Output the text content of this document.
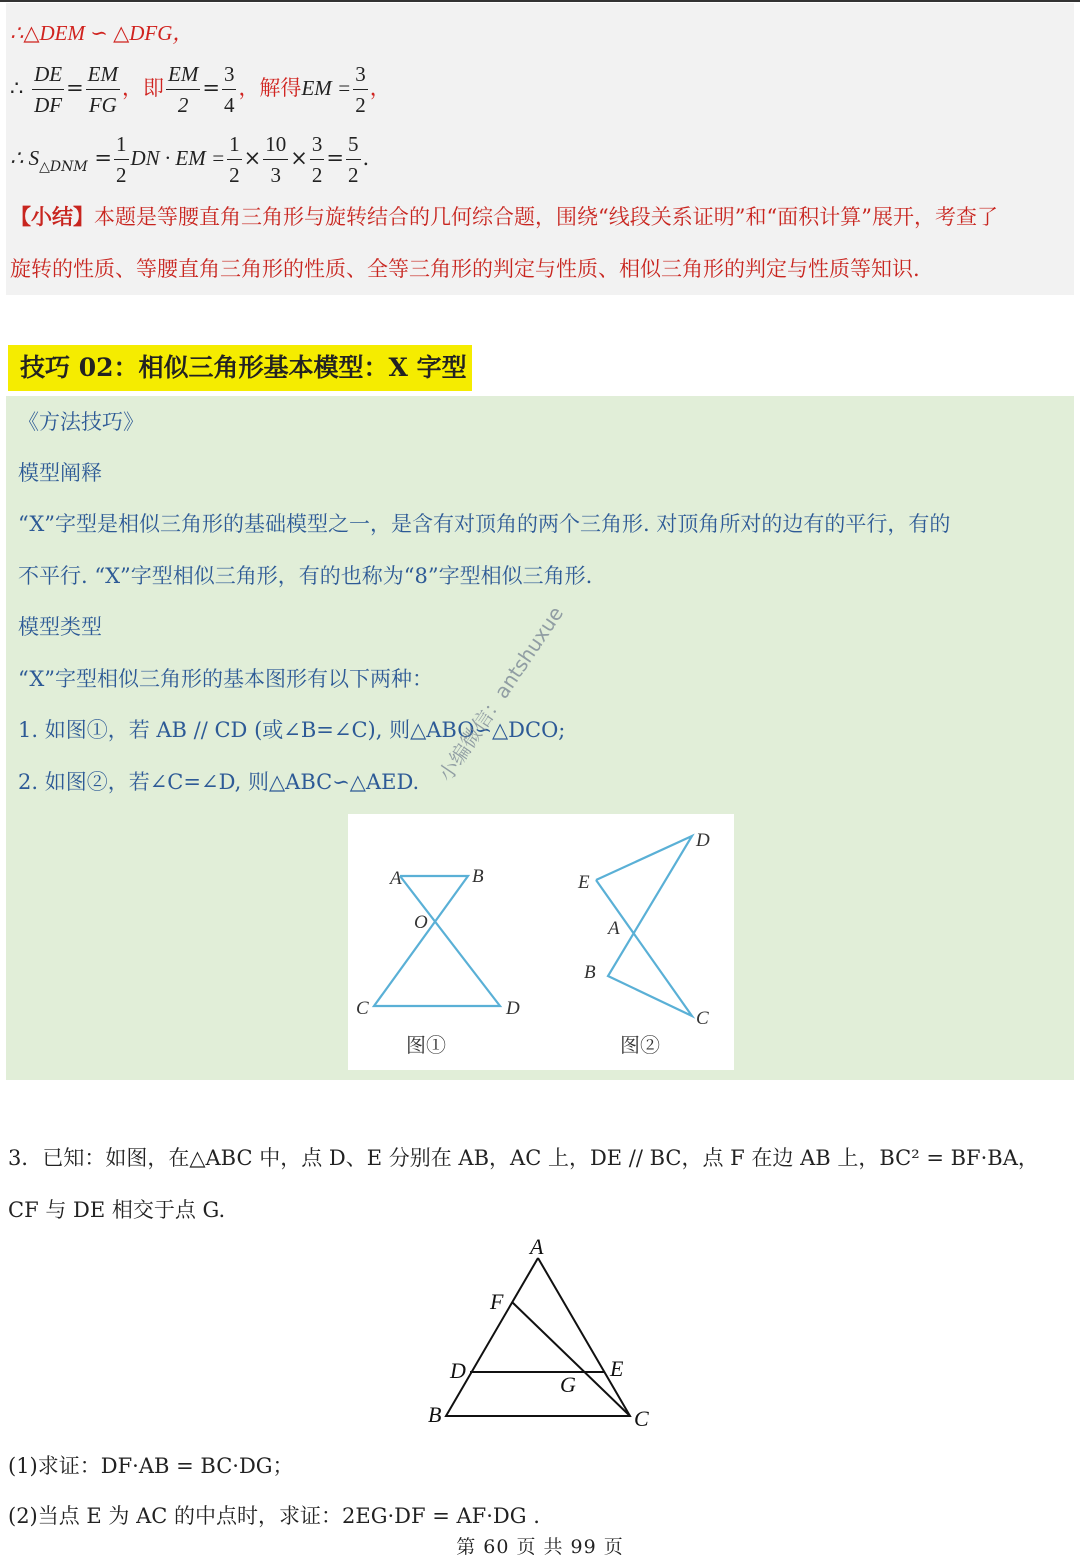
∴△DEM ∽ △DFG，
∴ $\frac{DE}{DF} = \frac{EM}{FG}$ ，即 $\frac{EM}{2} = \frac{3}{4}$ ，解得EM = $\frac{3}{2}$ ，
∴ $S_{\triangle DNM} = \frac{1}{2}$ DN · EM = $\frac{1}{2} \times \frac{10}{3} \times \frac{3}{2} = \frac{5}{2}$ .
【小结】本题是等腰直角三角形与旋转结合的几何综合题，围绕“线段关系证明”和“面积计算”展开，考查了
旋转的性质、等腰直角三角形的性质、全等三角形的判定与性质、相似三角形的判定与性质等知识.
技巧 02：相似三角形基本模型：X 字型
《方法技巧》
模型阐释
“X”字型是相似三角形的基础模型之一，是含有对顶角的两个三角形. 对顶角所对的边有的平行，有的
不平行. “X”字型相似三角形，有的也称为“8”字型相似三角形.
模型类型
“X”字型相似三角形的基本图形有以下两种：
1. 如图①，若 AB // CD (或∠B=∠C), 则△ABO∽△DCO;
2. 如图②，若∠C=∠D, 则△ABC∽△AED.
A	B
O
C	D
D
E
A
B
C
图①	图②
小编微信：antshuxue
3．已知：如图，在△ABC 中，点 D、E 分别在 AB，AC 上，DE // BC，点 F 在边 AB 上，BC² = BF·BA，
CF 与 DE 相交于点 G.
A
F
D	E
G
B	C
(1)求证：DF·AB = BC·DG；
(2)当点 E 为 AC 的中点时，求证：2EG·DF = AF·DG .
第 60 页 共 99 页
